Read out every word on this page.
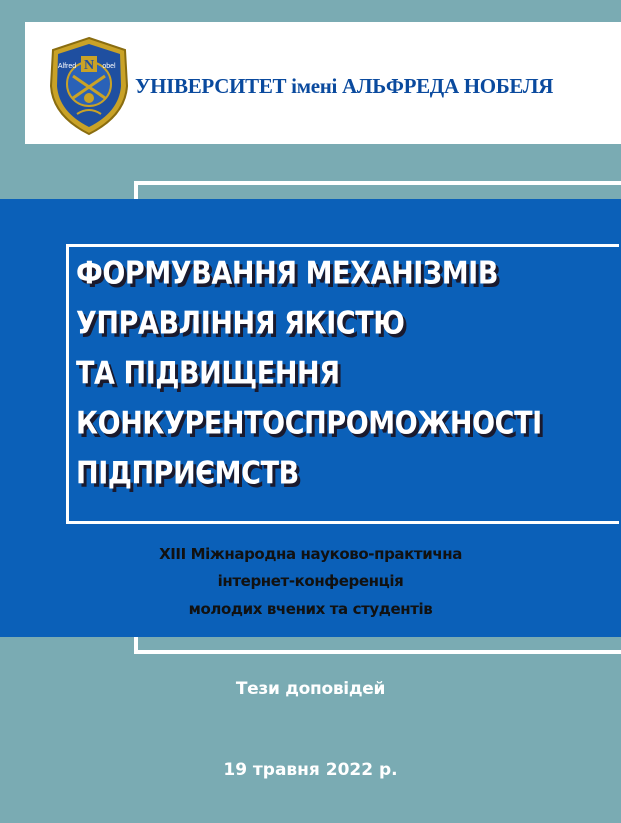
N
Alfred	obel
УНІВЕРСИТЕТ імені АЛЬФРЕДА НОБЕЛЯ
ФОРМУВАННЯ МЕХАНІЗМІВ
УПРАВЛІННЯ ЯКІСТЮ
ТА ПІДВИЩЕННЯ
КОНКУРЕНТОСПРОМОЖНОСТІ
ПІДПРИЄМСТВ
XIII Міжнародна науково-практична
інтернет-конференція
молодих вчених та студентів
Тези доповідей
19 травня 2022 р.
